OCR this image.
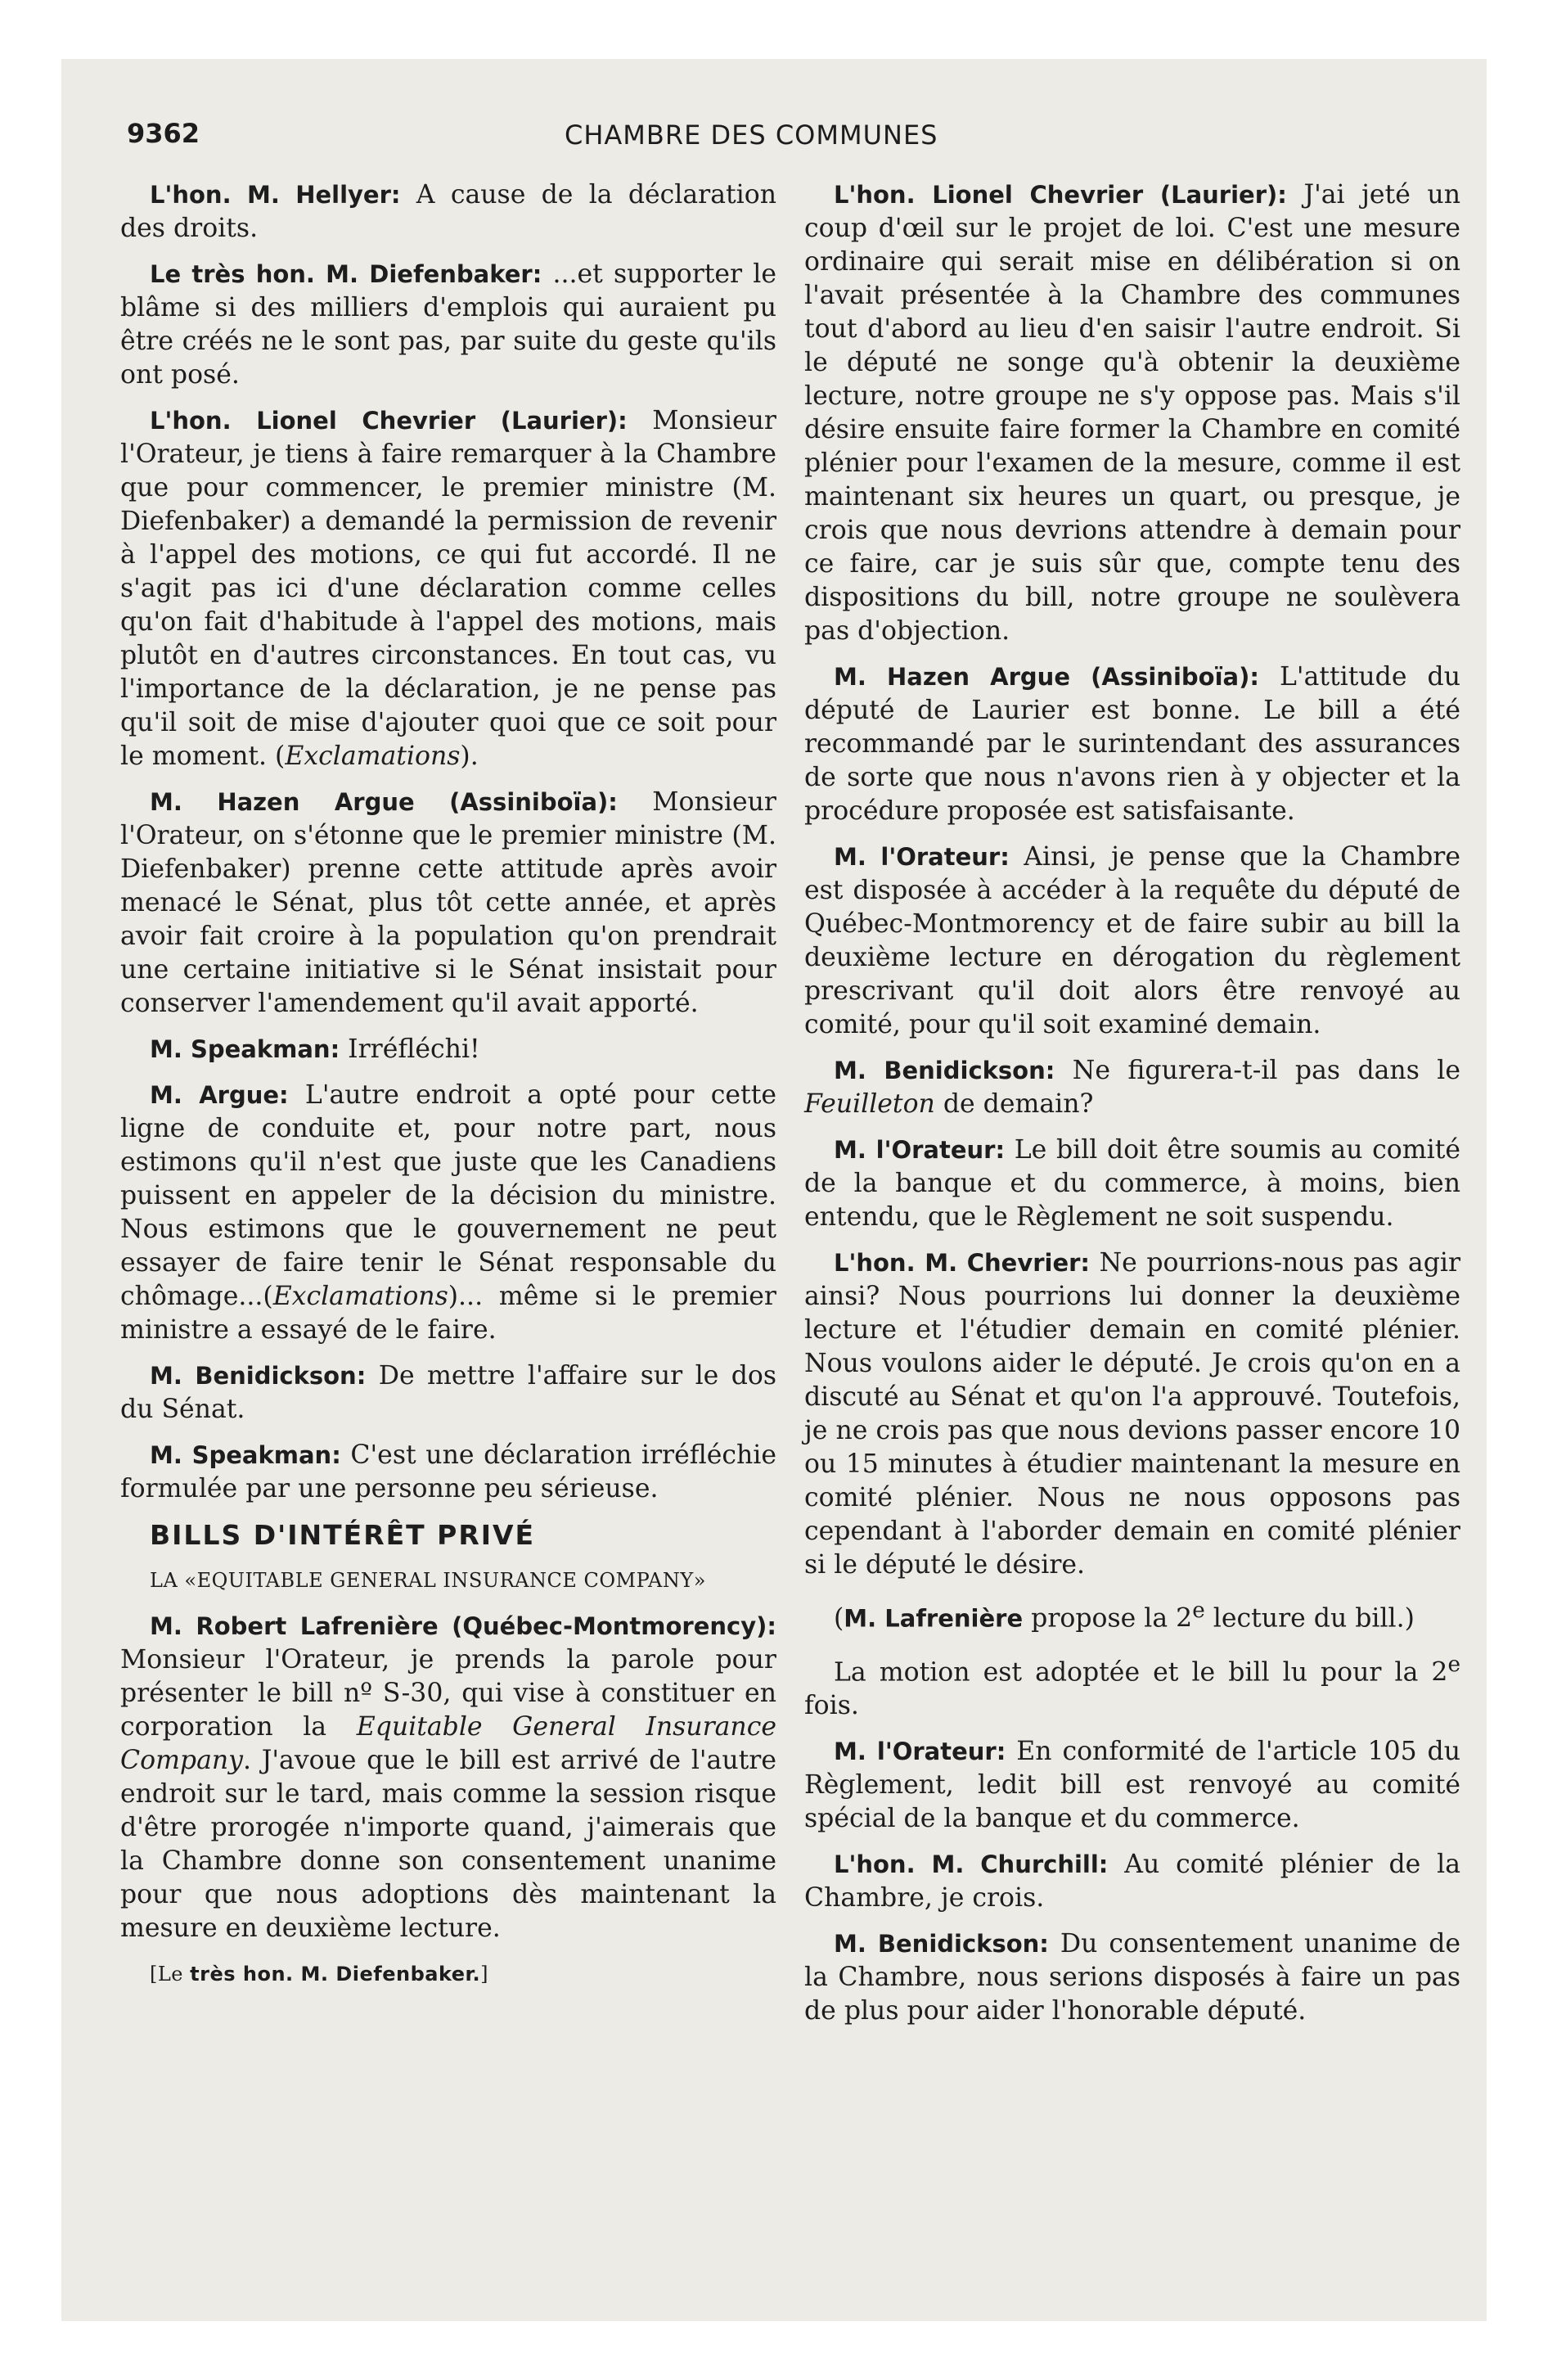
9362	CHAMBRE DES COMMUNES

L'hon. M. Hellyer: A cause de la déclaration des droits.

Le très hon. M. Diefenbaker: ...et supporter le blâme si des milliers d'emplois qui auraient pu être créés ne le sont pas, par suite du geste qu'ils ont posé.

L'hon. Lionel Chevrier (Laurier): Monsieur l'Orateur, je tiens à faire remarquer à la Chambre que pour commencer, le premier ministre (M. Diefenbaker) a demandé la permission de revenir à l'appel des motions, ce qui fut accordé. Il ne s'agit pas ici d'une déclaration comme celles qu'on fait d'habitude à l'appel des motions, mais plutôt en d'autres circonstances. En tout cas, vu l'importance de la déclaration, je ne pense pas qu'il soit de mise d'ajouter quoi que ce soit pour le moment. (Exclamations).

M. Hazen Argue (Assiniboïa): Monsieur l'Orateur, on s'étonne que le premier ministre (M. Diefenbaker) prenne cette attitude après avoir menacé le Sénat, plus tôt cette année, et après avoir fait croire à la population qu'on prendrait une certaine initiative si le Sénat insistait pour conserver l'amendement qu'il avait apporté.

M. Speakman: Irréfléchi!

M. Argue: L'autre endroit a opté pour cette ligne de conduite et, pour notre part, nous estimons qu'il n'est que juste que les Canadiens puissent en appeler de la décision du ministre. Nous estimons que le gouvernement ne peut essayer de faire tenir le Sénat responsable du chômage...(Exclamations)... même si le premier ministre a essayé de le faire.

M. Benidickson: De mettre l'affaire sur le dos du Sénat.

M. Speakman: C'est une déclaration irréfléchie formulée par une personne peu sérieuse.

BILLS D'INTÉRÊT PRIVÉ

LA «EQUITABLE GENERAL INSURANCE COMPANY»

M. Robert Lafrenière (Québec-Montmorency): Monsieur l'Orateur, je prends la parole pour présenter le bill nº S-30, qui vise à constituer en corporation la Equitable General Insurance Company. J'avoue que le bill est arrivé de l'autre endroit sur le tard, mais comme la session risque d'être prorogée n'importe quand, j'aimerais que la Chambre donne son consentement unanime pour que nous adoptions dès maintenant la mesure en deuxième lecture.

[Le très hon. M. Diefenbaker.]

L'hon. Lionel Chevrier (Laurier): J'ai jeté un coup d'œil sur le projet de loi. C'est une mesure ordinaire qui serait mise en délibération si on l'avait présentée à la Chambre des communes tout d'abord au lieu d'en saisir l'autre endroit. Si le député ne songe qu'à obtenir la deuxième lecture, notre groupe ne s'y oppose pas. Mais s'il désire ensuite faire former la Chambre en comité plénier pour l'examen de la mesure, comme il est maintenant six heures un quart, ou presque, je crois que nous devrions attendre à demain pour ce faire, car je suis sûr que, compte tenu des dispositions du bill, notre groupe ne soulèvera pas d'objection.

M. Hazen Argue (Assiniboïa): L'attitude du député de Laurier est bonne. Le bill a été recommandé par le surintendant des assurances de sorte que nous n'avons rien à y objecter et la procédure proposée est satisfaisante.

M. l'Orateur: Ainsi, je pense que la Chambre est disposée à accéder à la requête du député de Québec-Montmorency et de faire subir au bill la deuxième lecture en dérogation du règlement prescrivant qu'il doit alors être renvoyé au comité, pour qu'il soit examiné demain.

M. Benidickson: Ne figurera-t-il pas dans le Feuilleton de demain?

M. l'Orateur: Le bill doit être soumis au comité de la banque et du commerce, à moins, bien entendu, que le Règlement ne soit suspendu.

L'hon. M. Chevrier: Ne pourrions-nous pas agir ainsi? Nous pourrions lui donner la deuxième lecture et l'étudier demain en comité plénier. Nous voulons aider le député. Je crois qu'on en a discuté au Sénat et qu'on l'a approuvé. Toutefois, je ne crois pas que nous devions passer encore 10 ou 15 minutes à étudier maintenant la mesure en comité plénier. Nous ne nous opposons pas cependant à l'aborder demain en comité plénier si le député le désire.

(M. Lafrenière propose la 2e lecture du bill.)

La motion est adoptée et le bill lu pour la 2e fois.

M. l'Orateur: En conformité de l'article 105 du Règlement, ledit bill est renvoyé au comité spécial de la banque et du commerce.

L'hon. M. Churchill: Au comité plénier de la Chambre, je crois.

M. Benidickson: Du consentement unanime de la Chambre, nous serions disposés à faire un pas de plus pour aider l'honorable député.
